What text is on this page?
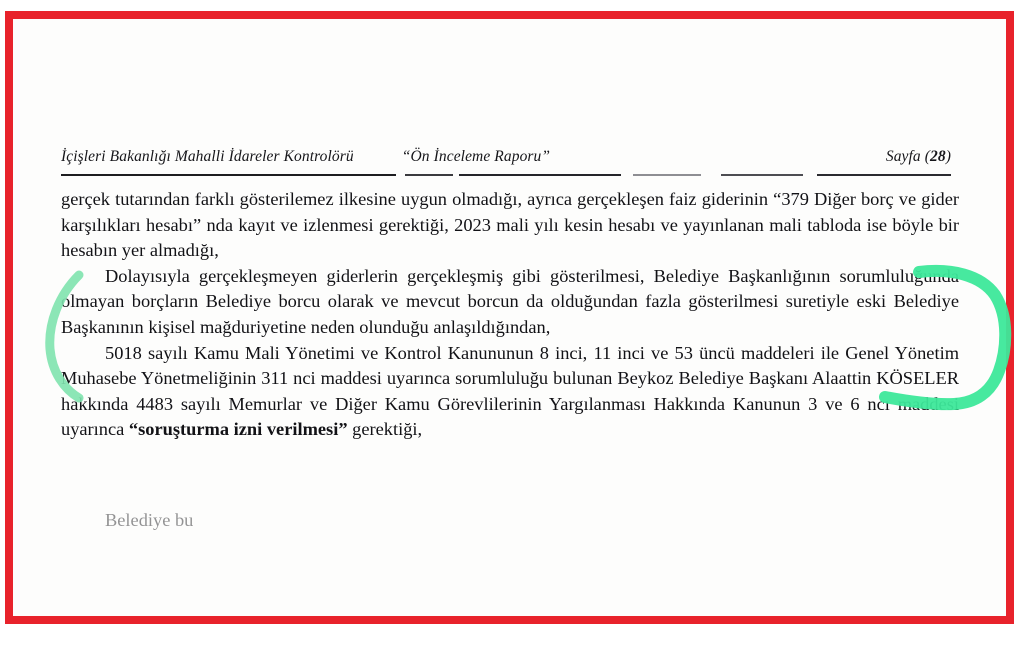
İçişleri Bakanlığı Mahalli İdareler Kontrolörü	“Ön İnceleme Raporu”	Sayfa (28)

gerçek tutarından farklı gösterilemez ilkesine uygun olmadığı, ayrıca gerçekleşen faiz giderinin “379 Diğer borç ve gider karşılıkları hesabı” nda kayıt ve izlenmesi gerektiği, 2023 mali yılı kesin hesabı ve yayınlanan mali tabloda ise böyle bir hesabın yer almadığı,

Dolayısıyla gerçekleşmeyen giderlerin gerçekleşmiş gibi gösterilmesi, Belediye Başkanlığının sorumluluğunda olmayan borçların Belediye borcu olarak ve mevcut borcun da olduğundan fazla gösterilmesi suretiyle eski Belediye Başkanının kişisel mağduriyetine neden olunduğu anlaşıldığından,

5018 sayılı Kamu Mali Yönetimi ve Kontrol Kanununun 8 inci, 11 inci ve 53 üncü maddeleri ile Genel Yönetim Muhasebe Yönetmeliğinin 311 nci maddesi uyarınca sorumluluğu bulunan Beykoz Belediye Başkanı Alaattin KÖSELER hakkında 4483 sayılı Memurlar ve Diğer Kamu Görevlilerinin Yargılanması Hakkında Kanunun 3 ve 6 ncı maddesi uyarınca “soruşturma izni verilmesi” gerektiği,

Belediye bu
